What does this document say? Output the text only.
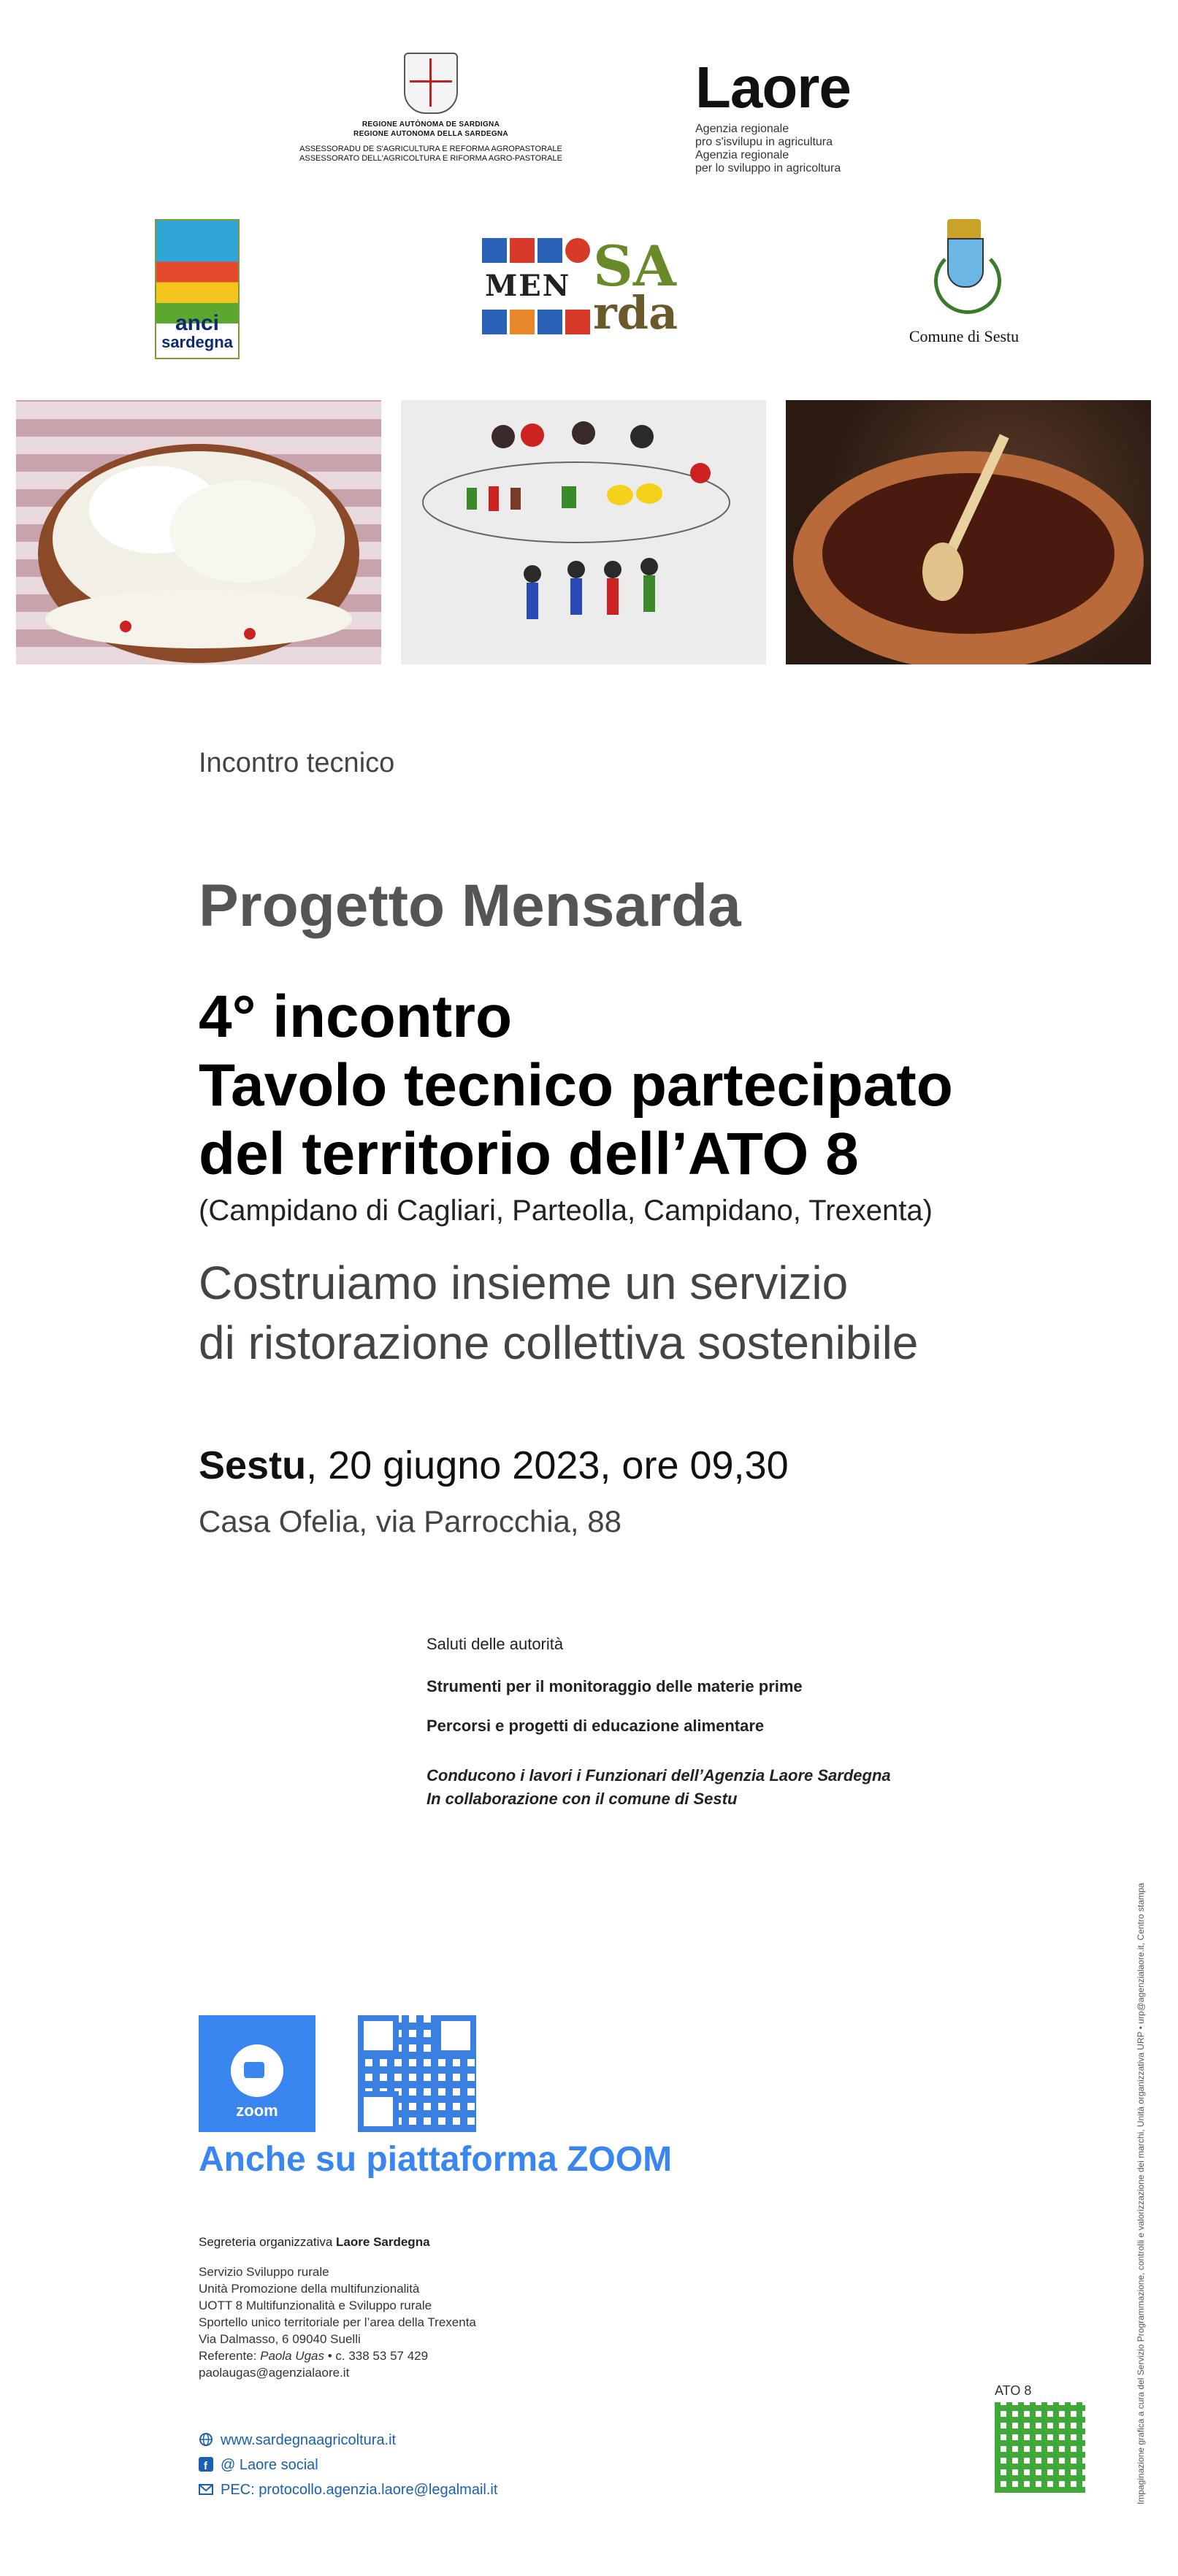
REGIONE AUTÒNOMA DE SARDIGNA
REGIONE AUTONOMA DELLA SARDEGNA
ASSESSORADU DE S'AGRICULTURA E REFORMA AGROPASTORALE
ASSESSORATO DELL'AGRICOLTURA E RIFORMA AGRO-PASTORALE
Laore
Agenzia regionale
pro s'isvilupu in agricultura
Agenzia regionale
per lo sviluppo in agricoltura
anci
sardegna
MEN SA
rda	Comune di Sestu
Incontro tecnico
Progetto Mensarda
4° incontro
Tavolo tecnico partecipato
del territorio dell’ATO 8
(Campidano di Cagliari, Parteolla, Campidano, Trexenta)
Costruiamo insieme un servizio
di ristorazione collettiva sostenibile
Sestu, 20 giugno 2023, ore 09,30
Casa Ofelia, via Parrocchia, 88
Saluti delle autorità
Strumenti per il monitoraggio delle materie prime
Percorsi e progetti di educazione alimentare
Conducono i lavori i Funzionari dell’Agenzia Laore Sardegna
In collaborazione con il comune di Sestu
zoom
Anche su piattaforma ZOOM
Segreteria organizzativa Laore Sardegna
Servizio Sviluppo rurale
Unità Promozione della multifunzionalità
UOTT 8 Multifunzionalità e Sviluppo rurale
Sportello unico territoriale per l’area della Trexenta
Via Dalmasso, 6 09040 Suelli
Referente: Paola Ugas • c. 338 53 57 429
paolaugas@agenzialaore.it
www.sardegnaagricoltura.it
f @ Laore social
PEC: protocollo.agenzia.laore@legalmail.it
ATO 8	Impaginazione grafica a cura del Servizio Programmazione, controlli e valorizzazione dei marchi, Unità organizzativa URP • urp@agenzialaore.it, Centro stampa
